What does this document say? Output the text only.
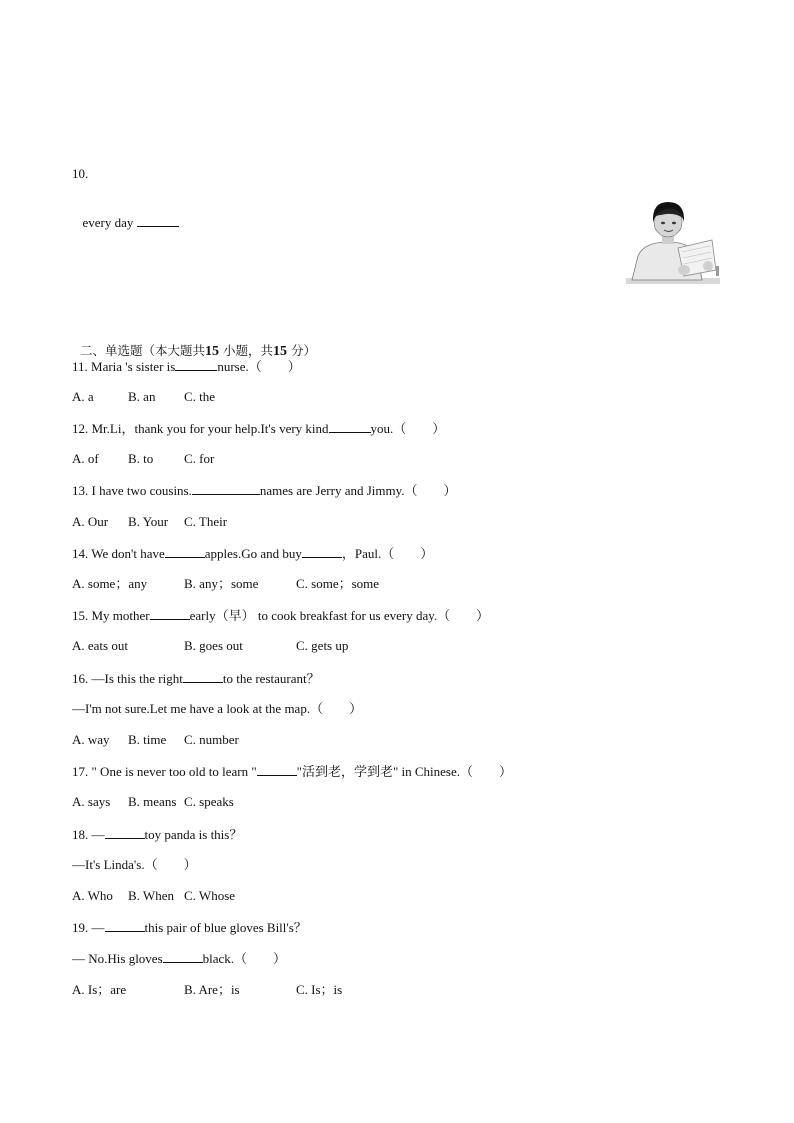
10.

every day

二、单选题（本大题共15 小题，共15 分）

11. Maria 's sister is	nurse.（        ）
A. a	B. an C. the
12. Mr.Li，thank you for your help.It's very kind	you.（        ）
A. of B. to C. for
13. I have two cousins.	names are Jerry and Jimmy.（        ）
A. Our B. Your C. Their
14. We don't have	apples.Go and buy	，Paul.（        ）
A. some；any	B. any；some	C. some；some
15. My mother	early（早） to cook breakfast for us every day.（        ）
A. eats out	B. goes out	C. gets up
16. —Is this the right	to the restaurant？
—I'm not sure.Let me have a look at the map.（        ）
A. way B. time C. number
17. " One is never too old to learn "	"活到老，学到老" in Chinese.（        ）
A. says B. means C. speaks
18. —	toy panda is this？
—It's Linda's.（        ）
A. Who B. When C. Whose
19. —	this pair of blue gloves Bill's？
— No.His gloves	black.（        ）
A. Is；are	B. Are；is	C. Is；is
